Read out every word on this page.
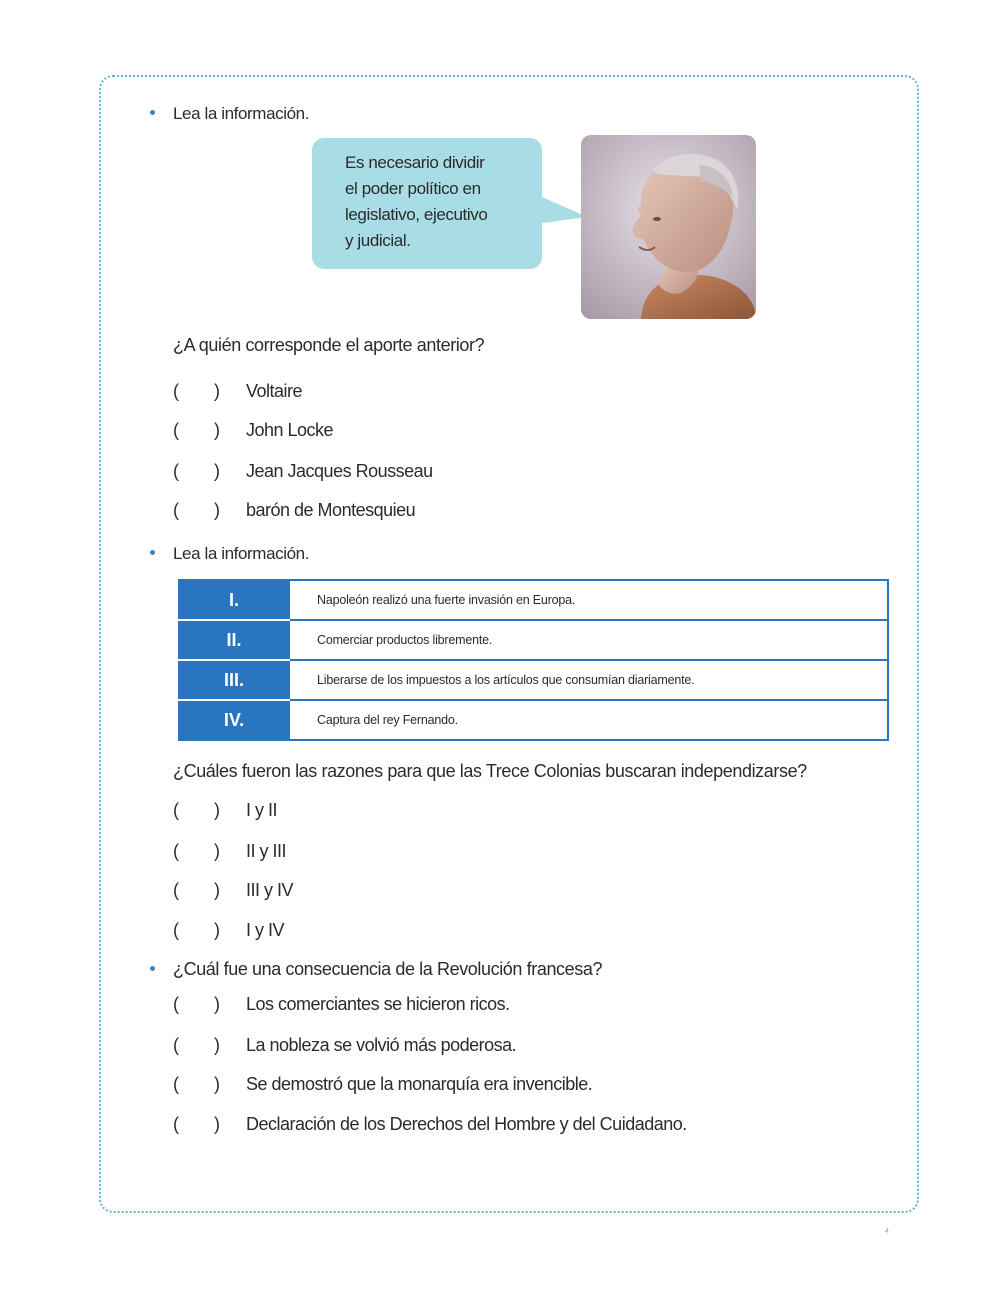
Lea la información.
Es necesario dividir
el poder político en
legislativo, ejecutivo
y judicial.
¿A quién corresponde el aporte anterior?
( ) Voltaire
( ) John Locke
( ) Jean Jacques Rousseau
( ) barón de Montesquieu
Lea la información.
I.	Napoleón realizó una fuerte invasión en Europa.
II.	Comerciar productos libremente.
III.	Liberarse de los impuestos a los artículos que consumían diariamente.
IV.	Captura del rey Fernando.
¿Cuáles fueron las razones para que las Trece Colonias buscaran independizarse?
( ) I y II
( ) II y III
( ) III y IV
( ) I y IV
¿Cuál fue una consecuencia de la Revolución francesa?
( ) Los comerciantes se hicieron ricos.
( ) La nobleza se volvió más poderosa.
( ) Se demostró que la monarquía era invencible.
( ) Declaración de los Derechos del Hombre y del Cuidadano.
4
